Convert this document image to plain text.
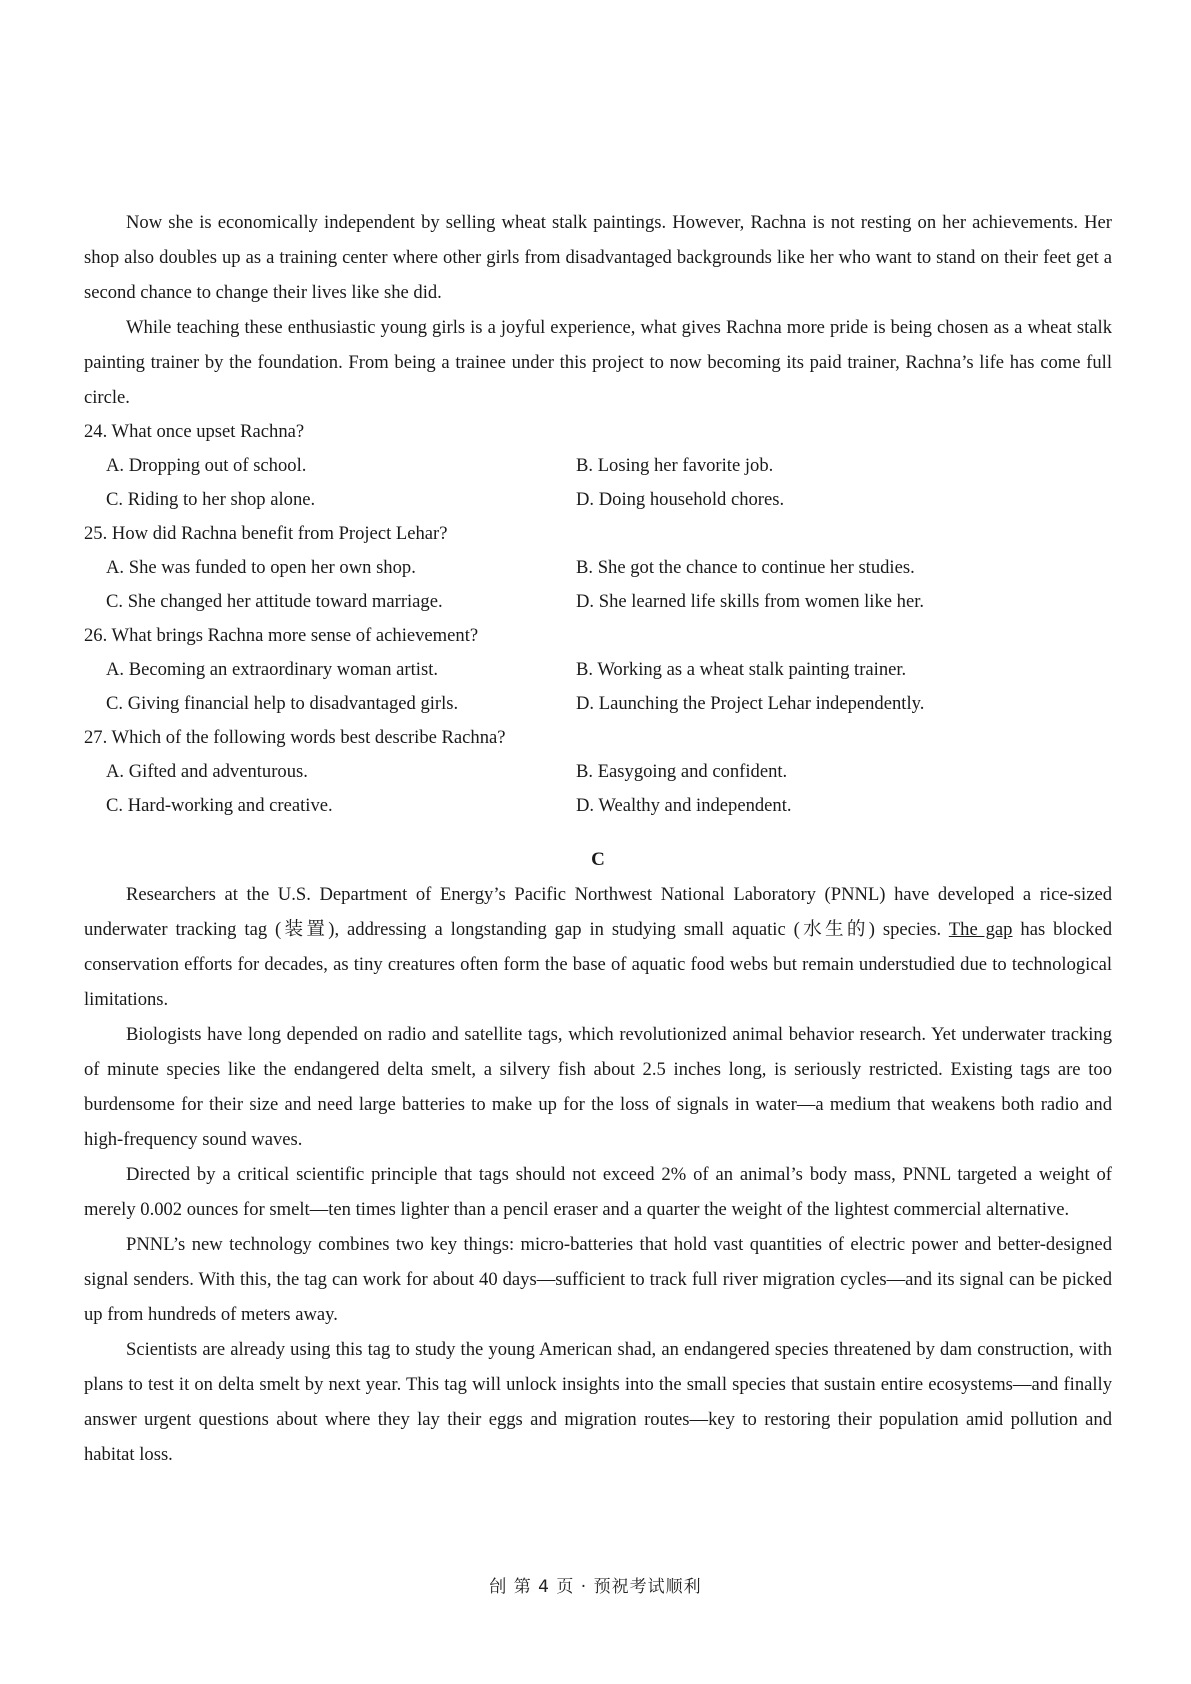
Now she is economically independent by selling wheat stalk paintings. However, Rachna is not resting on her achievements. Her shop also doubles up as a training center where other girls from disadvantaged backgrounds like her who want to stand on their feet get a second chance to change their lives like she did.

While teaching these enthusiastic young girls is a joyful experience, what gives Rachna more pride is being chosen as a wheat stalk painting trainer by the foundation. From being a trainee under this project to now becoming its paid trainer, Rachna’s life has come full circle.

24. What once upset Rachna?

A. Dropping out of school.	B. Losing her favorite job.
C. Riding to her shop alone.	D. Doing household chores.

25. How did Rachna benefit from Project Lehar?

A. She was funded to open her own shop.	B. She got the chance to continue her studies.
C. She changed her attitude toward marriage.	D. She learned life skills from women like her.

26. What brings Rachna more sense of achievement?

A. Becoming an extraordinary woman artist.	B. Working as a wheat stalk painting trainer.
C. Giving financial help to disadvantaged girls.	D. Launching the Project Lehar independently.

27. Which of the following words best describe Rachna?

A. Gifted and adventurous.	B. Easygoing and confident.
C. Hard-working and creative.	D. Wealthy and independent.

C

Researchers at the U.S. Department of Energy’s Pacific Northwest National Laboratory (PNNL) have developed a rice-sized underwater tracking tag (装置), addressing a longstanding gap in studying small aquatic (水生的) species. The gap has blocked conservation efforts for decades, as tiny creatures often form the base of aquatic food webs but remain understudied due to technological limitations.

Biologists have long depended on radio and satellite tags, which revolutionized animal behavior research. Yet underwater tracking of minute species like the endangered delta smelt, a silvery fish about 2.5 inches long, is seriously restricted. Existing tags are too burdensome for their size and need large batteries to make up for the loss of signals in water—a medium that weakens both radio and high-frequency sound waves.

Directed by a critical scientific principle that tags should not exceed 2% of an animal’s body mass, PNNL targeted a weight of merely 0.002 ounces for smelt—ten times lighter than a pencil eraser and a quarter the weight of the lightest commercial alternative.

PNNL’s new technology combines two key things: micro-batteries that hold vast quantities of electric power and better-designed signal senders. With this, the tag can work for about 40 days—sufficient to track full river migration cycles—and its signal can be picked up from hundreds of meters away.

Scientists are already using this tag to study the young American shad, an endangered species threatened by dam construction, with plans to test it on delta smelt by next year. This tag will unlock insights into the small species that sustain entire ecosystems—and finally answer urgent questions about where they lay their eggs and migration routes—key to restoring their population amid pollution and habitat loss.

刣 第 4 页 · 预祝考试顺利
